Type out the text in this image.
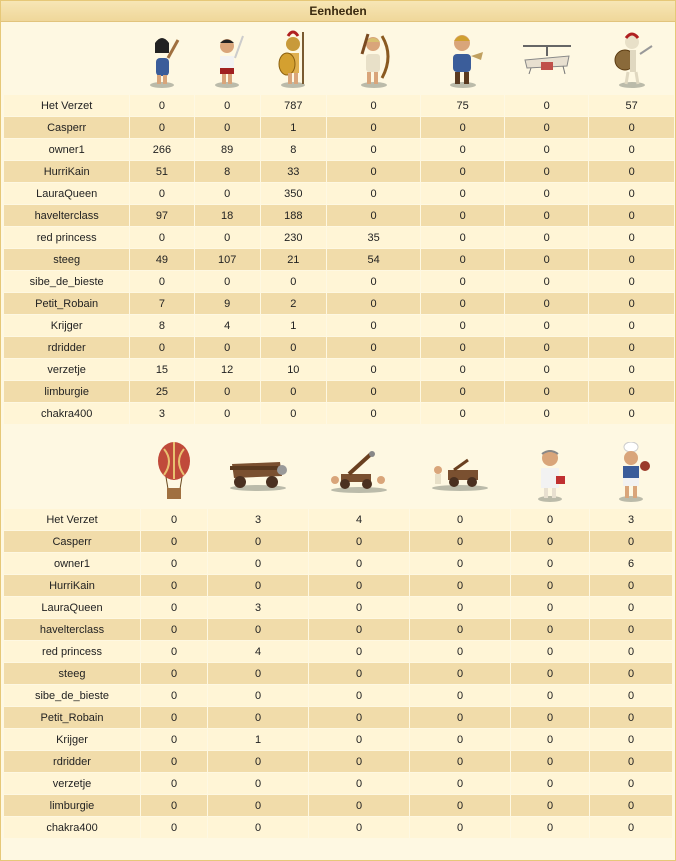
Eenheden

Het Verzet	0	0	787	0	75	0	57
Casperr	0	0	1	0	0	0	0
owner1	266	89	8	0	0	0	0
HurriKain	51	8	33	0	0	0	0
LauraQueen	0	0	350	0	0	0	0
havelterclass	97	18	188	0	0	0	0
red princess	0	0	230	35	0	0	0
steeg	49	107	21	54	0	0	0
sibe_de_bieste	0	0	0	0	0	0	0
Petit_Robain	7	9	2	0	0	0	0
Krijger	8	4	1	0	0	0	0
rdridder	0	0	0	0	0	0	0
verzetje	15	12	10	0	0	0	0
limburgie	25	0	0	0	0	0	0
chakra400	3	0	0	0	0	0	0

Het Verzet	0	3	4	0	0	3
Casperr	0	0	0	0	0	0
owner1	0	0	0	0	0	6
HurriKain	0	0	0	0	0	0
LauraQueen	0	3	0	0	0	0
havelterclass	0	0	0	0	0	0
red princess	0	4	0	0	0	0
steeg	0	0	0	0	0	0
sibe_de_bieste	0	0	0	0	0	0
Petit_Robain	0	0	0	0	0	0
Krijger	0	1	0	0	0	0
rdridder	0	0	0	0	0	0
verzetje	0	0	0	0	0	0
limburgie	0	0	0	0	0	0
chakra400	0	0	0	0	0	0
